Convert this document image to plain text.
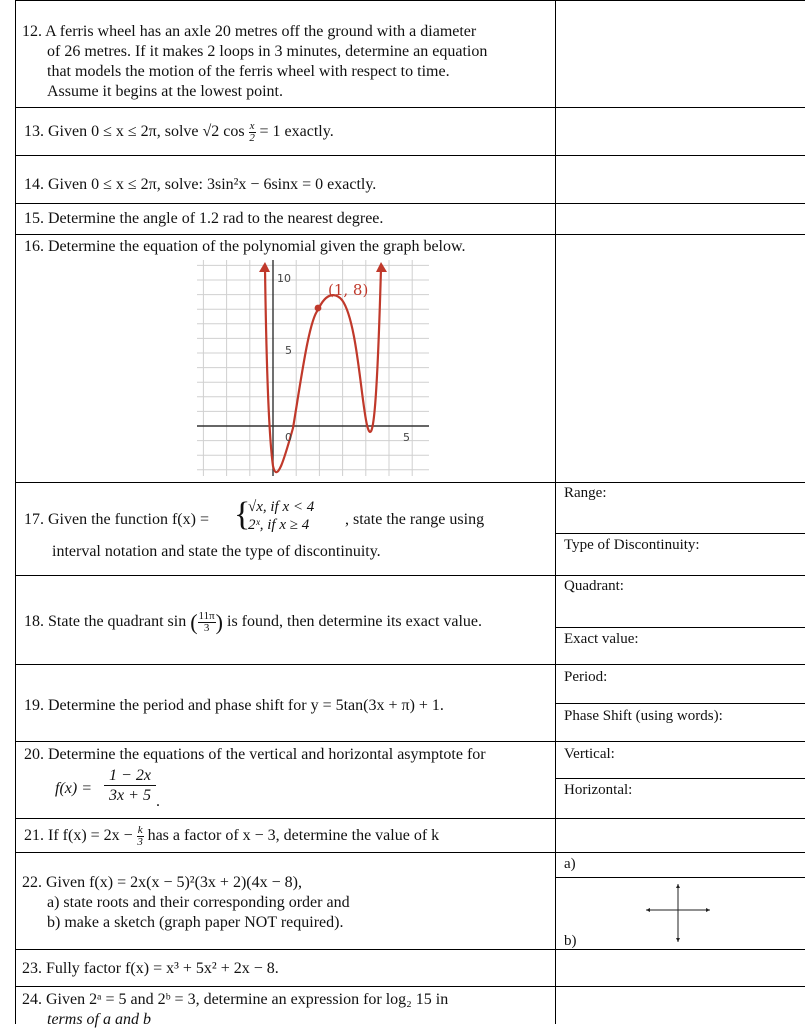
12. A ferris wheel has an axle 20 metres off the ground with a diameter
of 26 metres. If it makes 2 loops in 3 minutes, determine an equation
that models the motion of the ferris wheel with respect to time.
Assume it begins at the lowest point.
13. Given 0 ≤ x ≤ 2π, solve √2 $\cos \frac{x}{2} = 1$ exactly.
14. Given 0 ≤ x ≤ 2π, solve: 3sin²x − 6sinx = 0 exactly.
15. Determine the angle of 1.2 rad to the nearest degree.
16. Determine the equation of the polynomial given the graph below.
(1, 8)
10
5
0	5
17. Given the function f(x) = {
√x, if x < 4
2ˣ, if x ≥ 4 , state the range using
interval notation and state the type of discontinuity.
Range:
Type of Discontinuity:
18. State the quadrant sin ( $\frac{11\pi}{3}$ ) is found, then determine its exact value.
Quadrant:
Exact value:
19. Determine the period and phase shift for y = 5tan(3x + π) + 1.
Period:
Phase Shift (using words):
20. Determine the equations of the vertical and horizontal asymptote for
$f(x) = \frac{1 - 2x}{3x + 5}$ .
Vertical:
Horizontal:
21. If $f(x) = 2x - \frac{k}{3}$ has a factor of x − 3, determine the value of k
22. Given f(x) = 2x(x − 5)²(3x + 2)(4x − 8),
a) state roots and their corresponding order and
b) make a sketch (graph paper NOT required).
a)
b)
23. Fully factor f(x) = x³ + 5x² + 2x − 8.
24. Given 2ᵃ = 5 and 2ᵇ = 3, determine an expression for log₂ 15 in
terms of a and b
